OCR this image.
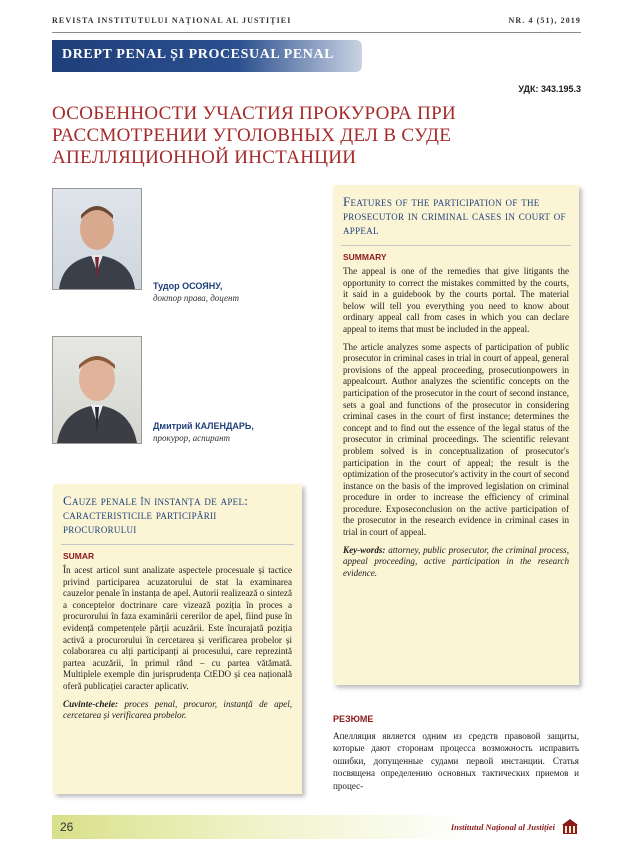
REVISTA INSTITUTULUI NAȚIONAL AL JUSTIȚIEI	NR. 4 (51), 2019
DREPT PENAL ȘI PROCESUAL PENAL
УДК: 343.195.3
ОСОБЕННОСТИ УЧАСТИЯ ПРОКУРОРА ПРИ РАССМОТРЕНИИ УГОЛОВНЫХ ДЕЛ В СУДЕ АПЕЛЛЯЦИОННОЙ ИНСТАНЦИИ
Тудор ОСОЯНУ,
доктор права, доцент
Дмитрий КАЛЕНДАРЬ,
прокурор, аспирант
Features of the participation of the prosecutor in criminal cases in court of appeal
SUMMARY

The appeal is one of the remedies that give litigants the opportunity to correct the mistakes committed by the courts, it said in a guidebook by the courts portal. The material below will tell you everything you need to know about ordinary appeal call from cases in which you can declare appeal to items that must be included in the appeal.

The article analyzes some aspects of participation of public prosecutor in criminal cases in trial in court of appeal, general provisions of the appeal proceeding, prosecutionpowers in appealcourt. Author analyzes the scientific concepts on the participation of the prosecutor in the court of second instance, sets a goal and functions of the prosecutor in considering criminal cases in the court of first instance; determines the concept and to find out the essence of the legal status of the prosecutor in criminal proceedings. The scientific relevant problem solved is in conceptualization of prosecutor's participation in the court of appeal; the result is the optimization of the prosecutor's activity in the court of second instance on the basis of the improved legislation on criminal procedure in order to increase the efficiency of criminal procedure. Exposeconclusion on the active participation of the prosecutor in the research evidence in criminal cases in trial in court of appeal.

Key-words: attorney, public prosecutor, the criminal process, appeal proceeding, active participation in the research evidence.

Cauze penale în instanța de apel: caracteristicile participării procurorului
SUMAR

În acest articol sunt analizate aspectele procesuale și tactice privind participarea acuzatorului de stat la examinarea cauzelor penale în instanța de apel. Autorii realizează o sinteză a conceptelor doctrinare care vizează poziția în proces a procurorului în faza examinării cererilor de apel, fiind puse în evidență competențele părții acuzării. Este încurajată poziția activă a procurorului în cercetarea și verificarea probelor și colaborarea cu alți participanți ai procesului, care reprezintă partea acuzării, în primul rând – cu partea vătămată. Multiplele exemple din jurisprudența CtEDO și cea națională oferă publicației caracter aplicativ.

Cuvinte-cheie: proces penal, procuror, instanță de apel, cercetarea și verificarea probelor.	РЕЗЮМЕ
Апелляция является одним из средств правовой защиты, которые дают сторонам процесса возможность исправить ошибки, допущенные судами первой инстанции. Статья посвящена определению основных тактических приемов и процес-
26	Institutul Național al Justiției
